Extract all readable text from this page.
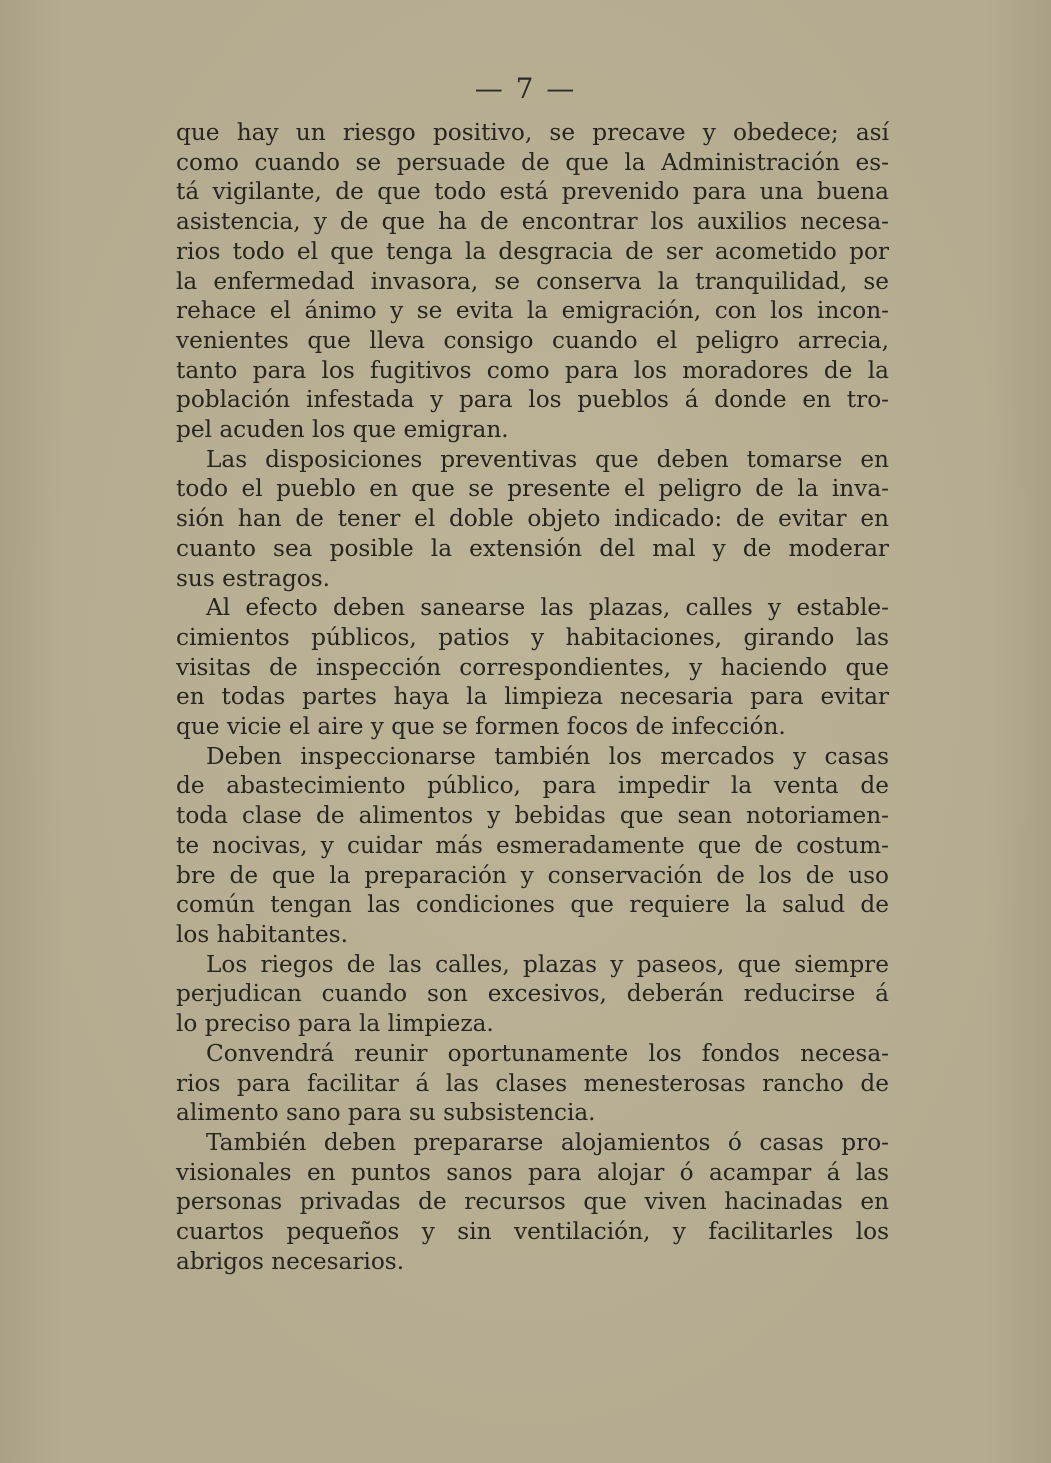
— 7 —
que hay un riesgo positivo, se precave y obedece; así
como cuando se persuade de que la Administración es-
tá vigilante, de que todo está prevenido para una buena
asistencia, y de que ha de encontrar los auxilios necesa-
rios todo el que tenga la desgracia de ser acometido por
la enfermedad invasora, se conserva la tranquilidad, se
rehace el ánimo y se evita la emigración, con los incon-
venientes que lleva consigo cuando el peligro arrecia,
tanto para los fugitivos como para los moradores de la
población infestada y para los pueblos á donde en tro-
pel acuden los que emigran.
Las disposiciones preventivas que deben tomarse en
todo el pueblo en que se presente el peligro de la inva-
sión han de tener el doble objeto indicado: de evitar en
cuanto sea posible la extensión del mal y de moderar
sus estragos.
Al efecto deben sanearse las plazas, calles y estable-
cimientos públicos, patios y habitaciones, girando las
visitas de inspección correspondientes, y haciendo que
en todas partes haya la limpieza necesaria para evitar
que vicie el aire y que se formen focos de infección.
Deben inspeccionarse también los mercados y casas
de abastecimiento público, para impedir la venta de
toda clase de alimentos y bebidas que sean notoriamen-
te nocivas, y cuidar más esmeradamente que de costum-
bre de que la preparación y conservación de los de uso
común tengan las condiciones que requiere la salud de
los habitantes.
Los riegos de las calles, plazas y paseos, que siempre
perjudican cuando son excesivos, deberán reducirse á
lo preciso para la limpieza.
Convendrá reunir oportunamente los fondos necesa-
rios para facilitar á las clases menesterosas rancho de
alimento sano para su subsistencia.
También deben prepararse alojamientos ó casas pro-
visionales en puntos sanos para alojar ó acampar á las
personas privadas de recursos que viven hacinadas en
cuartos pequeños y sin ventilación, y facilitarles los
abrigos necesarios.
